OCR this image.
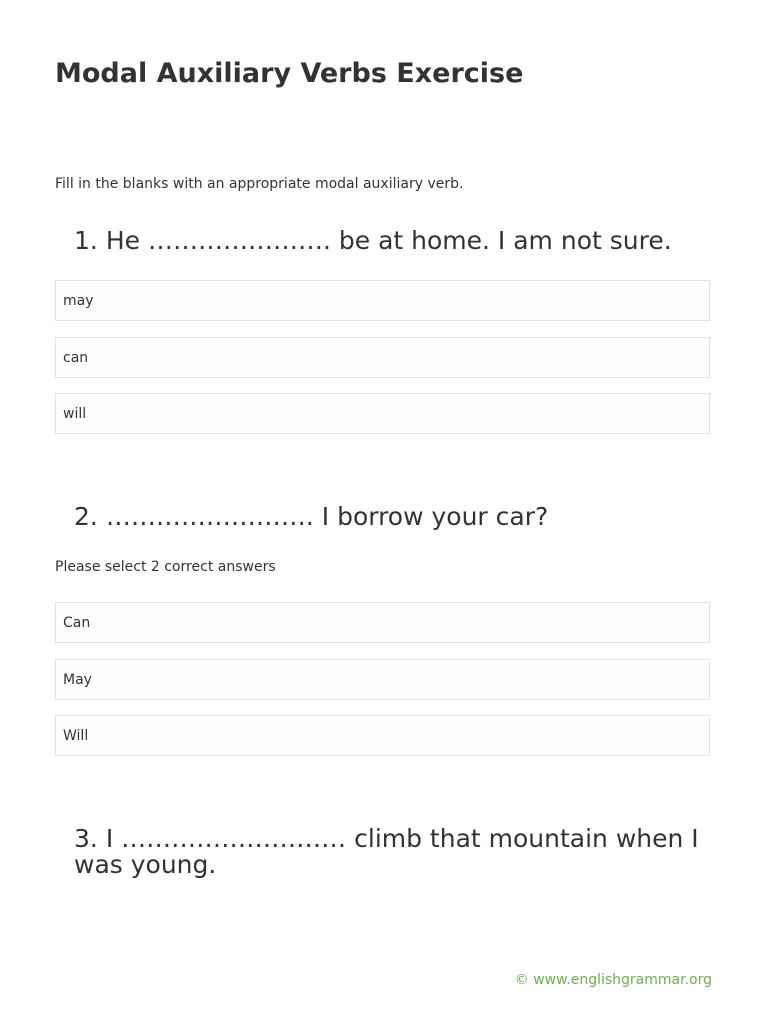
Modal Auxiliary Verbs Exercise
Fill in the blanks with an appropriate modal auxiliary verb.
1. He …………………. be at home. I am not sure.
may
can
will
2. ……………………. I borrow your car?
Please select 2 correct answers
Can
May
Will
3. I ……………………… climb that mountain when I was young.
© www.englishgrammar.org
